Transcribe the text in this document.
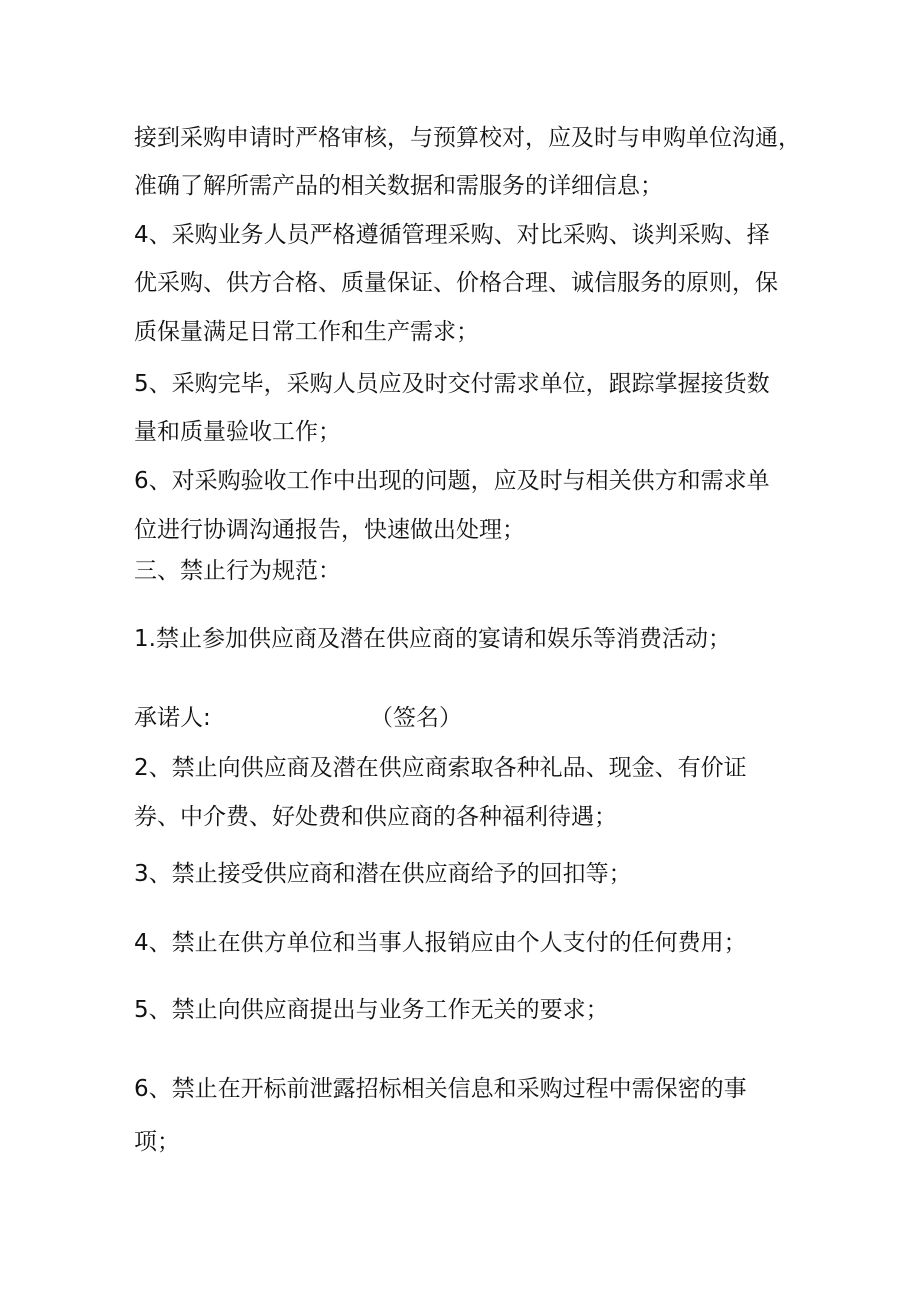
接到采购申请时严格审核，与预算校对，应及时与申购单位沟通，
准确了解所需产品的相关数据和需服务的详细信息；
4、采购业务人员严格遵循管理采购、对比采购、谈判采购、择
优采购、供方合格、质量保证、价格合理、诚信服务的原则，保
质保量满足日常工作和生产需求；
5、采购完毕，采购人员应及时交付需求单位，跟踪掌握接货数
量和质量验收工作；
6、对采购验收工作中出现的问题，应及时与相关供方和需求单
位进行协调沟通报告，快速做出处理；
三、禁止行为规范：
1.禁止参加供应商及潜在供应商的宴请和娱乐等消费活动；
承诺人:	（签名）
2、禁止向供应商及潜在供应商索取各种礼品、现金、有价证
券、中介费、好处费和供应商的各种福利待遇；
3、禁止接受供应商和潜在供应商给予的回扣等；
4、禁止在供方单位和当事人报销应由个人支付的任何费用；
5、禁止向供应商提出与业务工作无关的要求；
6、禁止在开标前泄露招标相关信息和采购过程中需保密的事
项；
